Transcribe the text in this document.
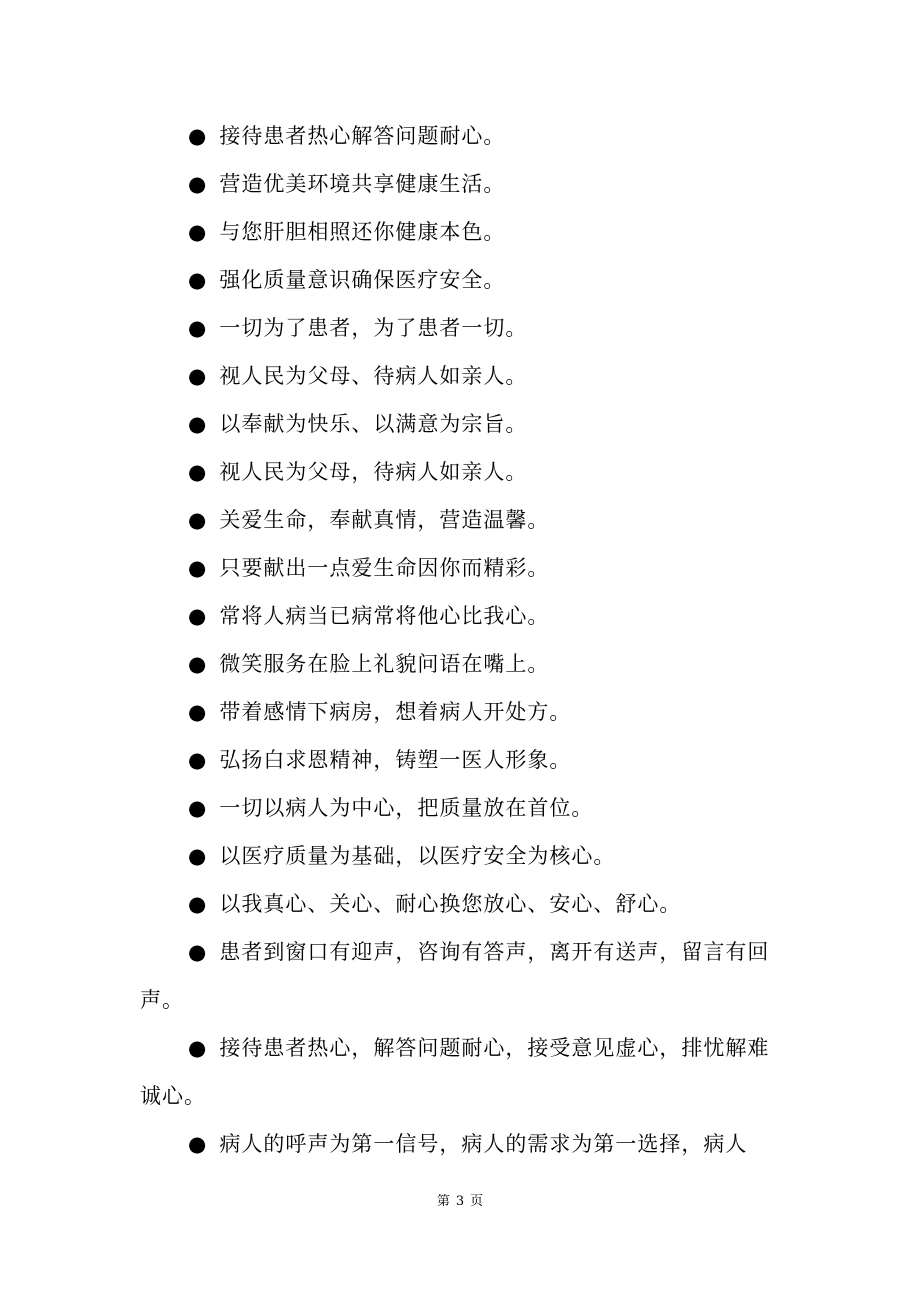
● 接待患者热心解答问题耐心。

● 营造优美环境共享健康生活。

● 与您肝胆相照还你健康本色。

● 强化质量意识确保医疗安全。

● 一切为了患者，为了患者一切。

● 视人民为父母、待病人如亲人。

● 以奉献为快乐、以满意为宗旨。

● 视人民为父母，待病人如亲人。

● 关爱生命，奉献真情，营造温馨。

● 只要献出一点爱生命因你而精彩。

● 常将人病当已病常将他心比我心。

● 微笑服务在脸上礼貌问语在嘴上。

● 带着感情下病房，想着病人开处方。

● 弘扬白求恩精神，铸塑一医人形象。

● 一切以病人为中心，把质量放在首位。

● 以医疗质量为基础，以医疗安全为核心。

● 以我真心、关心、耐心换您放心、安心、舒心。

● 患者到窗口有迎声，咨询有答声，离开有送声，留言有回声。

● 接待患者热心，解答问题耐心，接受意见虚心，排忧解难诚心。

● 病人的呼声为第一信号，病人的需求为第一选择，病人

第 3 页
